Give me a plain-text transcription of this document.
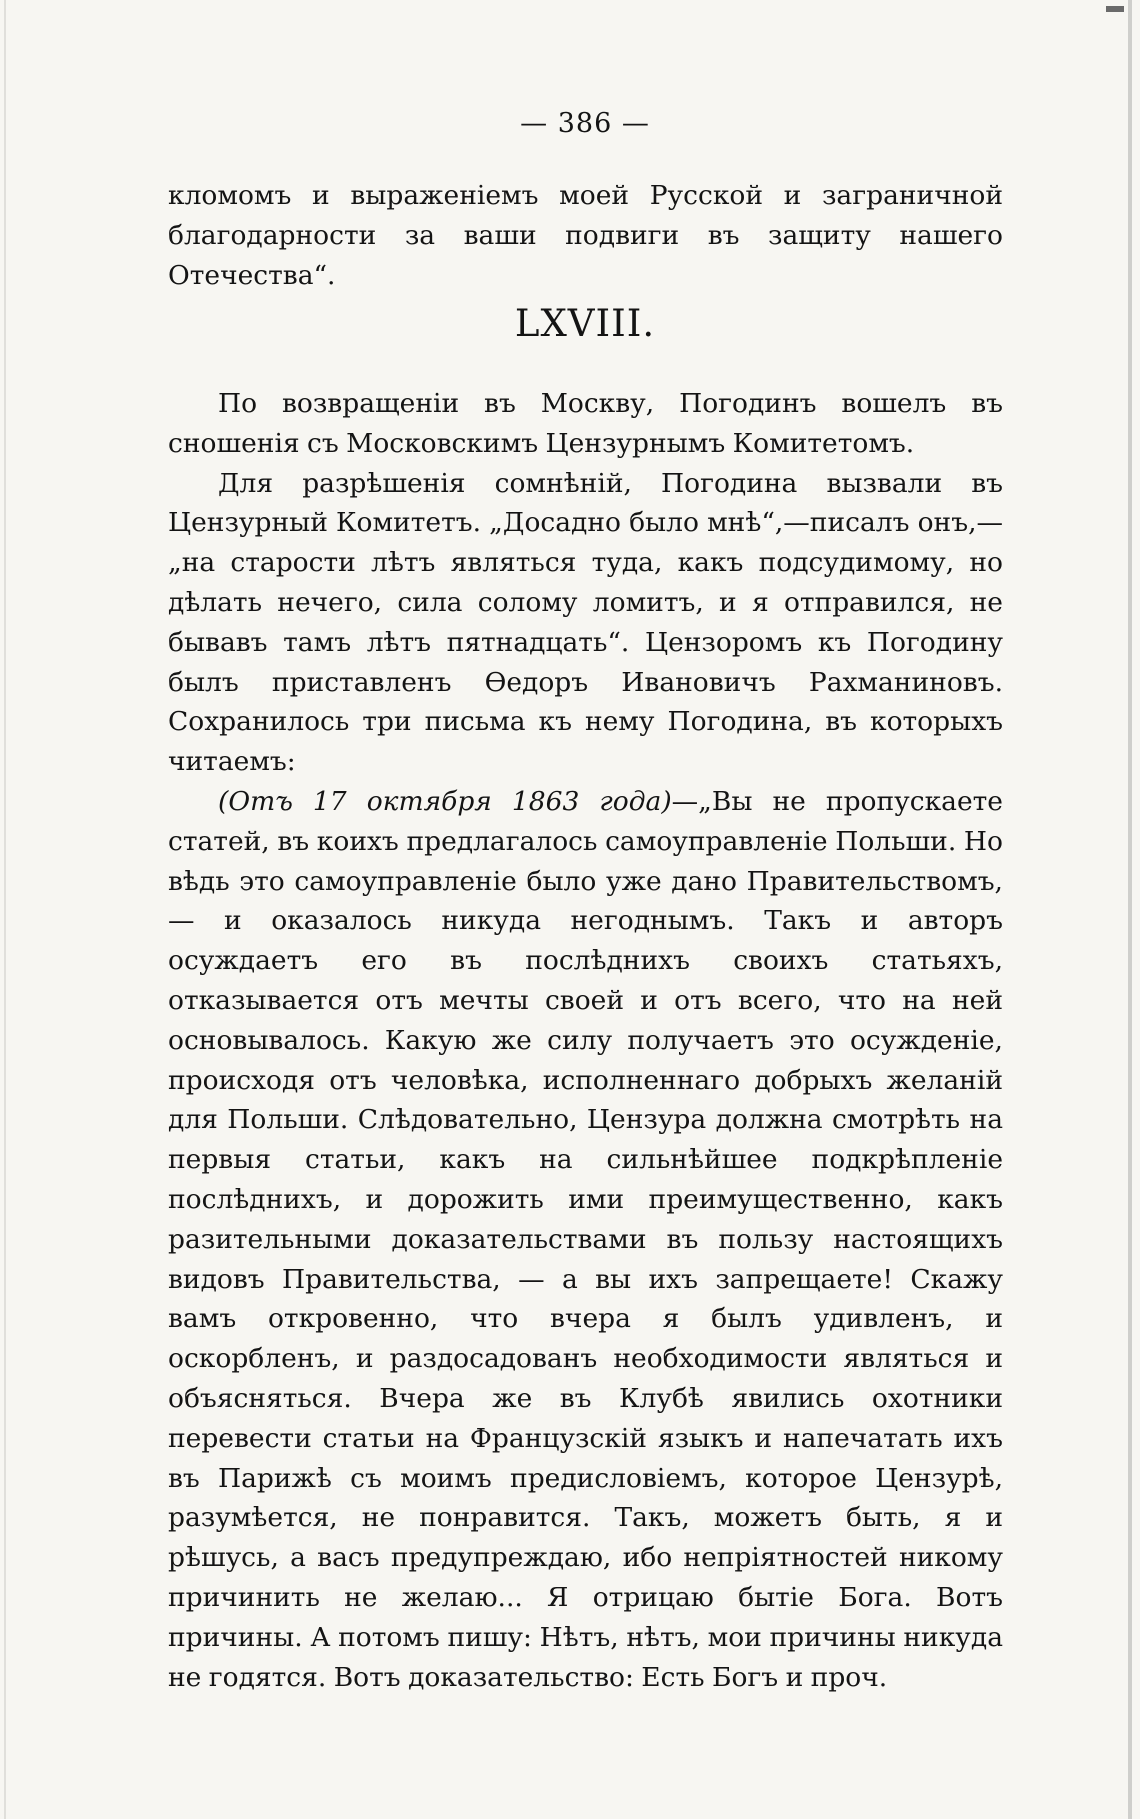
— 386 —

кломомъ и выраженіемъ моей Русской и заграничной благодарности за ваши подвиги въ защиту нашего Отечества“.

LXVIII.

По возвращеніи въ Москву, Погодинъ вошелъ въ сношенія съ Московскимъ Цензурнымъ Комитетомъ.

Для разрѣшенія сомнѣній, Погодина вызвали въ Цензурный Комитетъ. „Досадно было мнѣ“,—писалъ онъ,—„на старости лѣтъ являться туда, какъ подсудимому, но дѣлать нечего, сила солому ломитъ, и я отправился, не бывавъ тамъ лѣтъ пятнадцать“. Цензоромъ къ Погодину былъ приставленъ Өедоръ Ивановичъ Рахманиновъ. Сохранилось три письма къ нему Погодина, въ которыхъ читаемъ:

(Отъ 17 октября 1863 года)—„Вы не пропускаете статей, въ коихъ предлагалось самоуправленіе Польши. Но вѣдь это самоуправленіе было уже дано Правительствомъ, — и оказалось никуда негоднымъ. Такъ и авторъ осуждаетъ его въ послѣднихъ своихъ статьяхъ, отказывается отъ мечты своей и отъ всего, что на ней основывалось. Какую же силу получаетъ это осужденіе, происходя отъ человѣка, исполненнаго добрыхъ желаній для Польши. Слѣдовательно, Цензура должна смотрѣть на первыя статьи, какъ на сильнѣйшее подкрѣпленіе послѣднихъ, и дорожить ими преимущественно, какъ разительными доказательствами въ пользу настоящихъ видовъ Правительства, — а вы ихъ запрещаете! Скажу вамъ откровенно, что вчера я былъ удивленъ, и оскорбленъ, и раздосадованъ необходимости являться и объясняться. Вчера же въ Клубѣ явились охотники перевести статьи на Французскій языкъ и напечатать ихъ въ Парижѣ съ моимъ предисловіемъ, которое Цензурѣ, разумѣется, не понравится. Такъ, можетъ быть, я и рѣшусь, а васъ предупреждаю, ибо непріятностей никому причинить не желаю... Я отрицаю бытіе Бога. Вотъ причины. А потомъ пишу: Нѣтъ, нѣтъ, мои причины никуда не годятся. Вотъ доказательство: Есть Богъ и проч.
